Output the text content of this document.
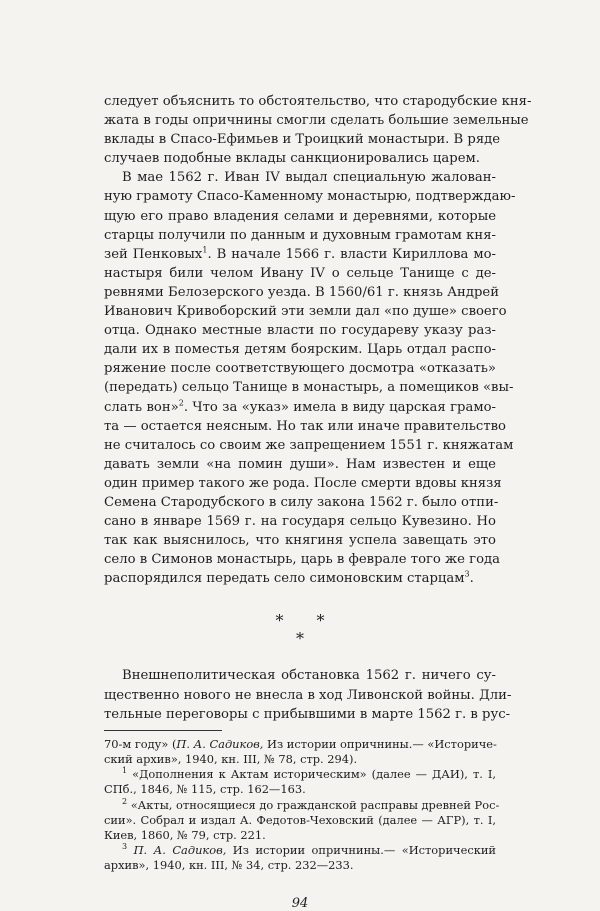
следует объяснить то обстоятельство, что стародубские кня-
жата в годы опричнины смогли сделать большие земельные
вклады в Спасо-Ефимьев и Троицкий монастыри. В ряде
случаев подобные вклады санкционировались царем.
В мае 1562 г. Иван IV выдал специальную жалован-
ную грамоту Спасо-Каменному монастырю, подтверждаю-
щую его право владения селами и деревнями, которые
старцы получили по данным и духовным грамотам кня-
зей Пенковых$^1$. В начале 1566 г. власти Кириллова мо-
настыря били челом Ивану IV о сельце Танище с де-
ревнями Белозерского уезда. В 1560/61 г. князь Андрей
Иванович Кривоборский эти земли дал «по душе» своего
отца. Однако местные власти по государеву указу раз-
дали их в поместья детям боярским. Царь отдал распо-
ряжение после соответствующего досмотра «отказать»
(передать) сельцо Танище в монастырь, а помещиков «вы-
слать вон»$^2$. Что за «указ» имела в виду царская грамо-
та — остается неясным. Но так или иначе правительство
не считалось со своим же запрещением 1551 г. княжатам
давать земли «на помин души». Нам известен и еще
один пример такого же рода. После смерти вдовы князя
Семена Стародубского в силу закона 1562 г. было отпи-
сано в январе 1569 г. на государя сельцо Кувезино. Но
так как выяснилось, что княгиня успела завещать это
село в Симонов монастырь, царь в феврале того же года
распорядился передать село симоновским старцам$^3$.
* *
*
Внешнеполитическая обстановка 1562 г. ничего су-
щественно нового не внесла в ход Ливонской войны. Дли-
тельные переговоры с прибывшими в марте 1562 г. в рус-
70-м году» (П. А. Садиков, Из истории опричнины.— «Историче-
ский архив», 1940, кн. III, № 78, стр. 294).
$^1$ «Дополнения к Актам историческим» (далее — ДАИ), т. I,
СПб., 1846, № 115, стр. 162—163.
$^2$ «Акты, относящиеся до гражданской расправы древней Рос-
сии». Собрал и издал А. Федотов-Чеховский (далее — АГР), т. I,
Киев, 1860, № 79, стр. 221.
$^3$ П. А. Садиков, Из истории опричнины.— «Исторический
архив», 1940, кн. III, № 34, стр. 232—233.
94
